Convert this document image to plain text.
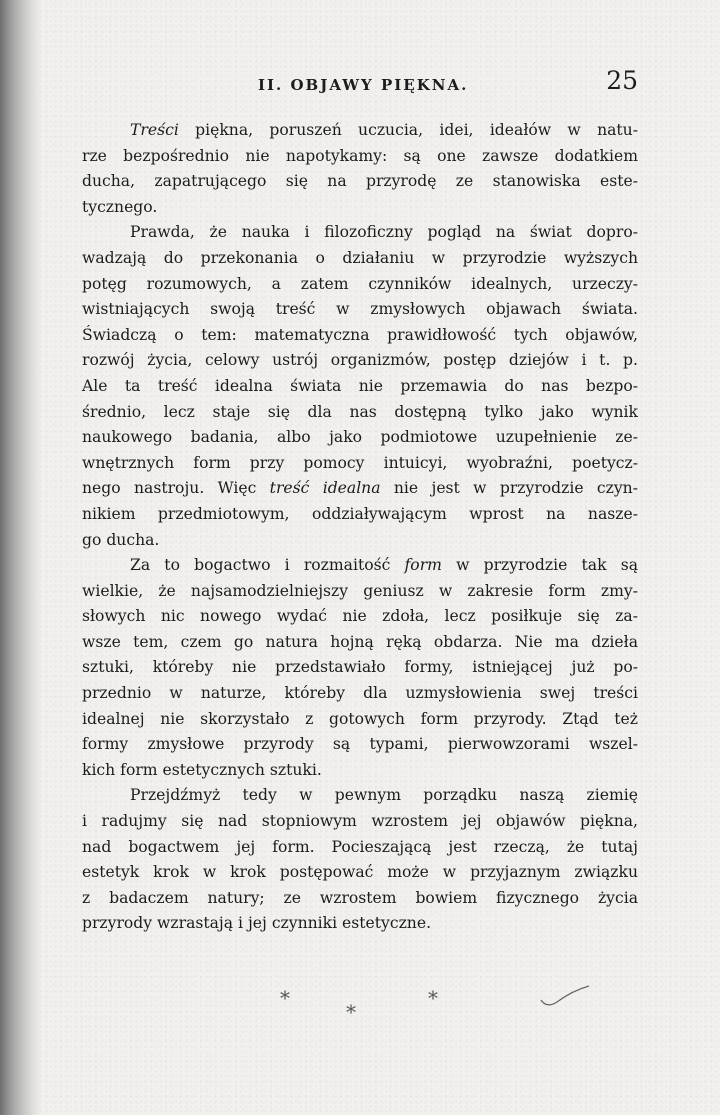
II. OBJAWY PIĘKNA.	25
Treści piękna, poruszeń uczucia, idei, ideałów w natu-
rze bezpośrednio nie napotykamy: są one zawsze dodatkiem
ducha, zapatrującego się na przyrodę ze stanowiska este-
tycznego.
Prawda, że nauka i filozoficzny pogląd na świat dopro-
wadzają do przekonania o działaniu w przyrodzie wyższych
potęg rozumowych, a zatem czynników idealnych, urzeczy-
wistniających swoją treść w zmysłowych objawach świata.
Świadczą o tem: matematyczna prawidłowość tych objawów,
rozwój życia, celowy ustrój organizmów, postęp dziejów i t. p.
Ale ta treść idealna świata nie przemawia do nas bezpo-
średnio, lecz staje się dla nas dostępną tylko jako wynik
naukowego badania, albo jako podmiotowe uzupełnienie ze-
wnętrznych form przy pomocy intuicyi, wyobraźni, poetycz-
nego nastroju. Więc treść idealna nie jest w przyrodzie czyn-
nikiem przedmiotowym, oddziaływającym wprost na nasze-
go ducha.
Za to bogactwo i rozmaitość form w przyrodzie tak są
wielkie, że najsamodzielniejszy geniusz w zakresie form zmy-
słowych nic nowego wydać nie zdoła, lecz posiłkuje się za-
wsze tem, czem go natura hojną ręką obdarza. Nie ma dzieła
sztuki, któreby nie przedstawiało formy, istniejącej już po-
przednio w naturze, któreby dla uzmysłowienia swej treści
idealnej nie skorzystało z gotowych form przyrody. Ztąd też
formy zmysłowe przyrody są typami, pierwowzorami wszel-
kich form estetycznych sztuki.
Przejdźmyż tedy w pewnym porządku naszą ziemię
i radujmy się nad stopniowym wzrostem jej objawów piękna,
nad bogactwem jej form. Pocieszającą jest rzeczą, że tutaj
estetyk krok w krok postępować może w przyjaznym związku
z badaczem natury; ze wzrostem bowiem fizycznego życia
przyrody wzrastają i jej czynniki estetyczne.
*
*
*
